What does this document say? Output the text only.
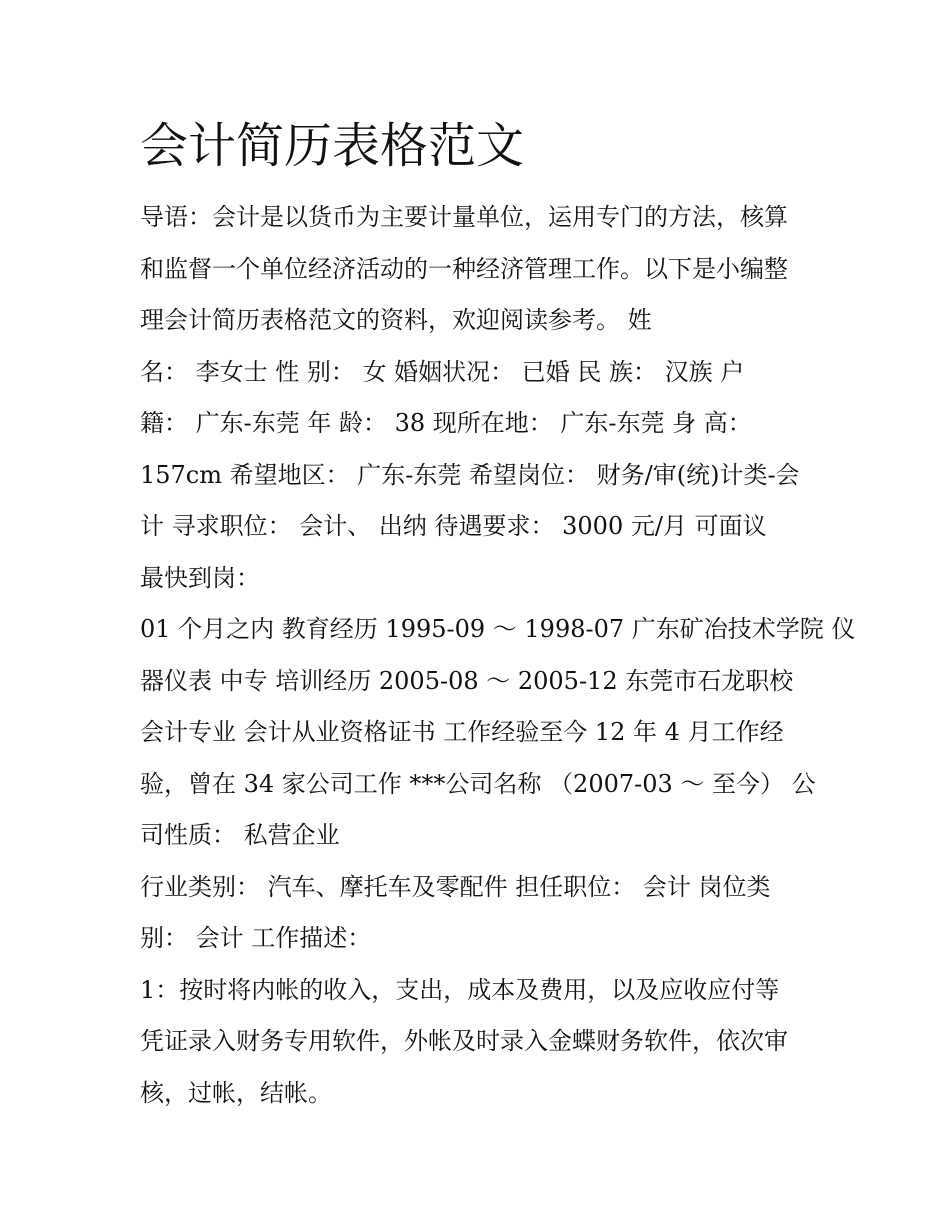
会计简历表格范文

导语：会计是以货币为主要计量单位，运用专门的方法，核算

和监督一个单位经济活动的一种经济管理工作。以下是小编整

理会计简历表格范文的资料，欢迎阅读参考。 姓

名： 李女士 性 别： 女 婚姻状况： 已婚 民 族： 汉族 户

籍： 广东-东莞 年 龄： 38 现所在地： 广东-东莞 身 高：

157cm 希望地区： 广东-东莞 希望岗位： 财务/审(统)计类-会

计 寻求职位： 会计、 出纳 待遇要求： 3000 元/月 可面议

最快到岗：

01 个月之内 教育经历 1995-09 ～ 1998-07 广东矿冶技术学院 仪

器仪表 中专 培训经历 2005-08 ～ 2005-12 东莞市石龙职校

会计专业 会计从业资格证书 工作经验至今 12 年 4 月工作经

验，曾在 34 家公司工作 ***公司名称 （2007-03 ～ 至今） 公

司性质： 私营企业

行业类别： 汽车、摩托车及零配件 担任职位： 会计 岗位类

别： 会计 工作描述：

1：按时将内帐的收入，支出，成本及费用，以及应收应付等

凭证录入财务专用软件，外帐及时录入金蝶财务软件，依次审

核，过帐，结帐。
